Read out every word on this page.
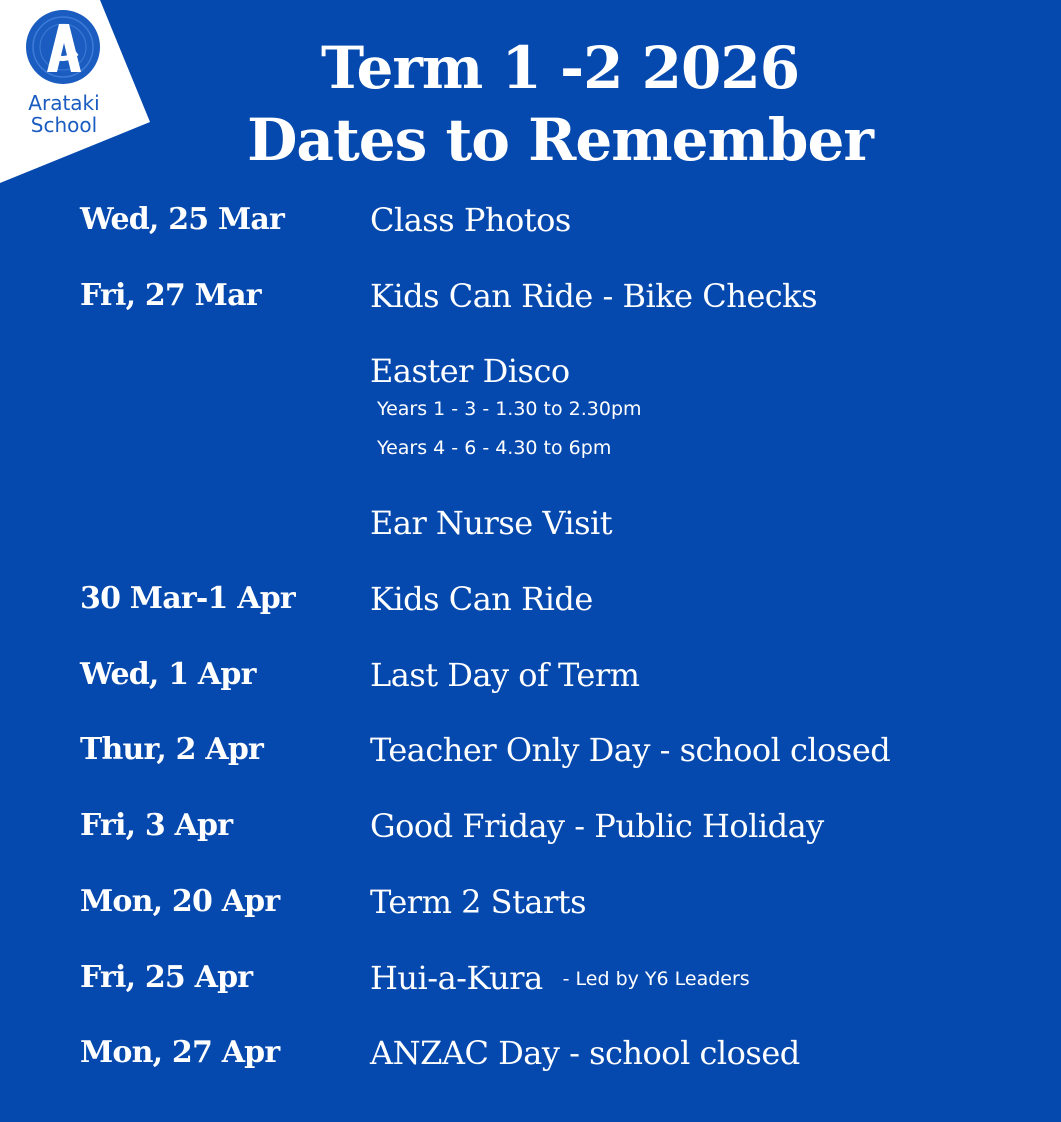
Arataki
School
Term 1 -2 2026
Dates to Remember
Wed, 25 Mar	Class Photos
Fri, 27 Mar	Kids Can Ride - Bike Checks
Easter Disco
Years 1 - 3 - 1.30 to 2.30pm
Years 4 - 6 - 4.30 to 6pm
Ear Nurse Visit
30 Mar-1 Apr Kids Can Ride
Wed, 1 Apr	Last Day of Term
Thur, 2 Apr	Teacher Only Day - school closed
Fri, 3 Apr	Good Friday - Public Holiday
Mon, 20 Apr	Term 2 Starts
Fri, 25 Apr	Hui-a-Kura - Led by Y6 Leaders
Mon, 27 Apr	ANZAC Day - school closed
